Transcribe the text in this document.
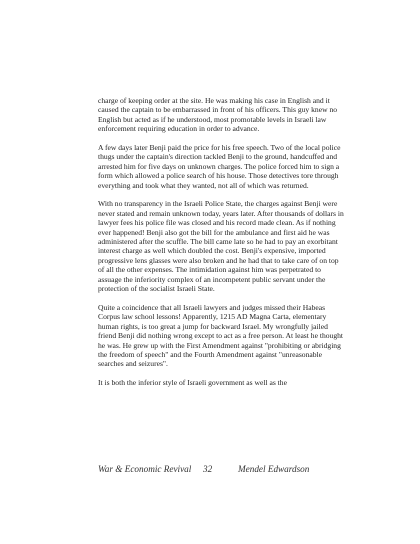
charge of keeping order at the site. He was making his case in English and it caused the captain to be embarrassed in front of his officers. This guy knew no English but acted as if he understood, most promotable levels in Israeli law enforcement requiring education in order to advance.

A few days later Benji paid the price for his free speech. Two of the local police thugs under the captain's direction tackled Benji to the ground, handcuffed and arrested him for five days on unknown charges. The police forced him to sign a form which allowed a police search of his house. Those detectives tore through everything and took what they wanted, not all of which was returned.

With no transparency in the Israeli Police State, the charges against Benji were never stated and remain unknown today, years later. After thousands of dollars in lawyer fees his police file was closed and his record made clean. As if nothing ever happened! Benji also got the bill for the ambulance and first aid he was administered after the scuffle. The bill came late so he had to pay an exorbitant interest charge as well which doubled the cost. Benji's expensive, imported progressive lens glasses were also broken and he had that to take care of on top of all the other expenses. The intimidation against him was perpetrated to assuage the inferiority complex of an incompetent public servant under the protection of the socialist Israeli State.

Quite a coincidence that all Israeli lawyers and judges missed their Habeas Corpus law school lessons! Apparently, 1215 AD Magna Carta, elementary human rights, is too great a jump for backward Israel. My wrongfully jailed friend Benji did nothing wrong except to act as a free person. At least he thought he was. He grew up with the First Amendment against "prohibiting or abridging the freedom of speech" and the Fourth Amendment against "unreasonable searches and seizures".

It is both the inferior style of Israeli government as well as the

War & Economic Revival 32	Mendel Edwardson
